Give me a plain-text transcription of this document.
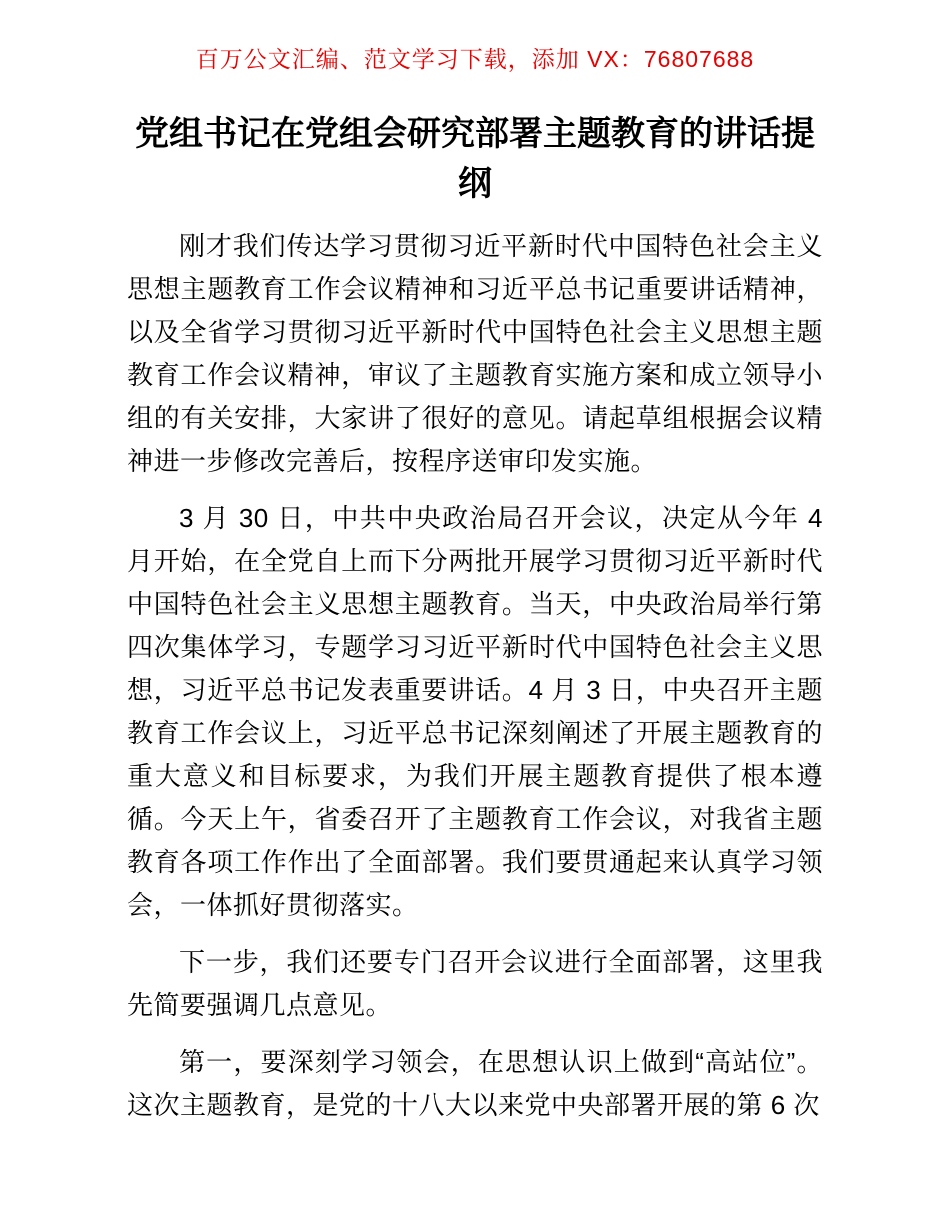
百万公文汇编、范文学习下载，添加 VX：76807688
党组书记在党组会研究部署主题教育的讲话提纲

刚才我们传达学习贯彻习近平新时代中国特色社会主义思想主题教育工作会议精神和习近平总书记重要讲话精神，以及全省学习贯彻习近平新时代中国特色社会主义思想主题教育工作会议精神，审议了主题教育实施方案和成立领导小组的有关安排，大家讲了很好的意见。请起草组根据会议精神进一步修改完善后，按程序送审印发实施。

3 月 30 日，中共中央政治局召开会议，决定从今年 4 月开始，在全党自上而下分两批开展学习贯彻习近平新时代中国特色社会主义思想主题教育。当天，中央政治局举行第四次集体学习，专题学习习近平新时代中国特色社会主义思想，习近平总书记发表重要讲话。4 月 3 日，中央召开主题教育工作会议上，习近平总书记深刻阐述了开展主题教育的重大意义和目标要求，为我们开展主题教育提供了根本遵循。今天上午，省委召开了主题教育工作会议，对我省主题教育各项工作作出了全面部署。我们要贯通起来认真学习领会，一体抓好贯彻落实。

下一步，我们还要专门召开会议进行全面部署，这里我先简要强调几点意见。

第一，要深刻学习领会，在思想认识上做到“高站位”。这次主题教育，是党的十八大以来党中央部署开展的第 6 次
